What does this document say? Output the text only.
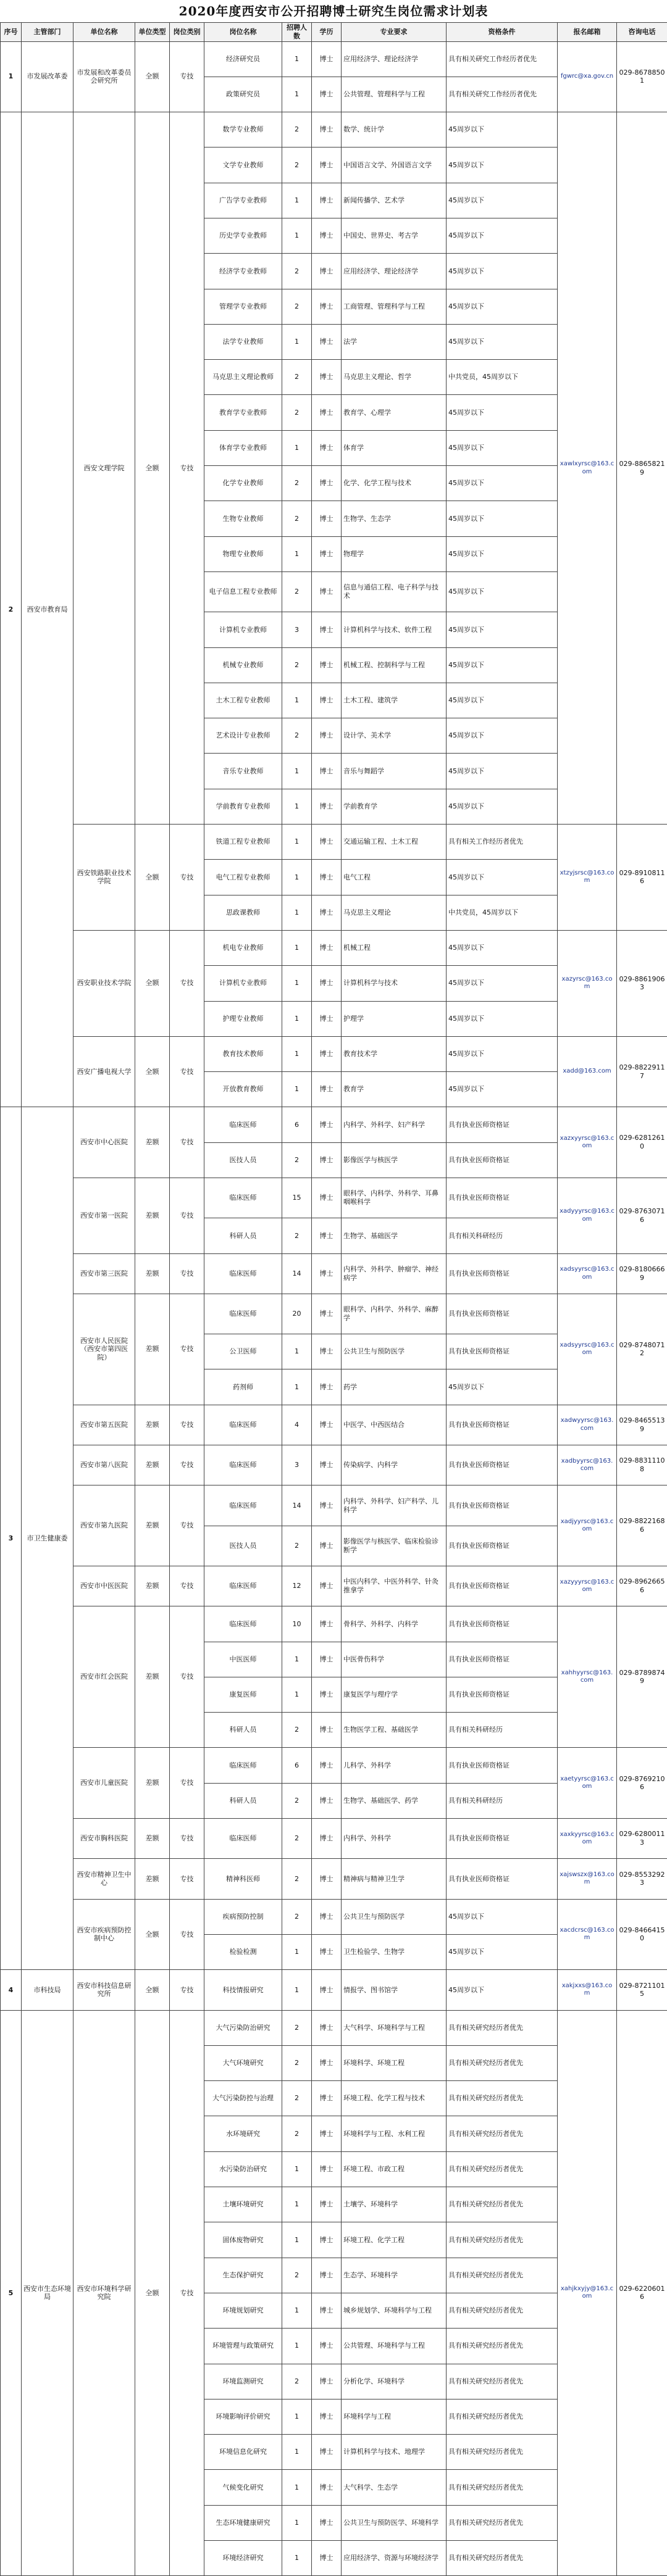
2020年度西安市公开招聘博士研究生岗位需求计划表
序号	主管部门	单位名称	单位类型	岗位类别	岗位名称	招聘人数	学历	专业要求	资格条件	报名邮箱	咨询电话
1	市发展改革委	市发展和改革委员会研究所	全额	专技	经济研究员	1	博士	应用经济学、理论经济学	具有相关研究工作经历者优先	fgwrc@xa.gov.cn	029-86788501
					政策研究员	1	博士	公共管理、管理科学与工程	具有相关研究工作经历者优先		
2	西安市教育局	西安文理学院	全额	专技	数学专业教师	2	博士	数学、统计学	45周岁以下	xawlxyrsc@163.com	029-88658219
					文学专业教师	2	博士	中国语言文学、外国语言文学	45周岁以下		
					广告学专业教师	1	博士	新闻传播学、艺术学	45周岁以下		
					历史学专业教师	1	博士	中国史、世界史、考古学	45周岁以下		
					经济学专业教师	2	博士	应用经济学、理论经济学	45周岁以下		
					管理学专业教师	2	博士	工商管理、管理科学与工程	45周岁以下		
					法学专业教师	1	博士	法学	45周岁以下		
					马克思主义理论教师	2	博士	马克思主义理论、哲学	中共党员，45周岁以下		
					教育学专业教师	2	博士	教育学、心理学	45周岁以下		
					体育学专业教师	1	博士	体育学	45周岁以下		
					化学专业教师	2	博士	化学、化学工程与技术	45周岁以下		
					生物专业教师	2	博士	生物学、生态学	45周岁以下		
					物理专业教师	1	博士	物理学	45周岁以下		
					电子信息工程专业教师	2	博士	信息与通信工程、电子科学与技术	45周岁以下		
					计算机专业教师	3	博士	计算机科学与技术、软件工程	45周岁以下		
					机械专业教师	2	博士	机械工程、控制科学与工程	45周岁以下		
					土木工程专业教师	1	博士	土木工程、建筑学	45周岁以下		
					艺术设计专业教师	2	博士	设计学、美术学	45周岁以下		
					音乐专业教师	1	博士	音乐与舞蹈学	45周岁以下		
					学前教育专业教师	1	博士	学前教育学	45周岁以下		
		西安铁路职业技术学院	全额	专技	铁道工程专业教师	1	博士	交通运输工程、土木工程	具有相关工作经历者优先	xtzyjsrsc@163.com	029-89108116
					电气工程专业教师	1	博士	电气工程	45周岁以下		
					思政课教师	1	博士	马克思主义理论	中共党员，45周岁以下		
		西安职业技术学院	全额	专技	机电专业教师	1	博士	机械工程	45周岁以下	xazyrsc@163.com	029-88619063
					计算机专业教师	1	博士	计算机科学与技术	45周岁以下		
					护理专业教师	1	博士	护理学	45周岁以下		
		西安广播电视大学	全额	专技	教育技术教师	1	博士	教育技术学	45周岁以下	xadd@163.com	029-88229117
					开放教育教师	1	博士	教育学	45周岁以下		
3	市卫生健康委	西安市中心医院	差额	专技	临床医师	6	博士	内科学、外科学、妇产科学	具有执业医师资格证	xazxyyrsc@163.com	029-62812610
					医技人员	2	博士	影像医学与核医学	具有执业医师资格证		
		西安市第一医院	差额	专技	临床医师	15	博士	眼科学、内科学、外科学、耳鼻咽喉科学	具有执业医师资格证	xadyyyrsc@163.com	029-87630716
					科研人员	2	博士	生物学、基础医学	具有相关科研经历		
		西安市第三医院	差额	专技	临床医师	14	博士	内科学、外科学、肿瘤学、神经病学	具有执业医师资格证	xadsyyrsc@163.com	029-81806669
		西安市人民医院（西安市第四医院）	差额	专技	临床医师	20	博士	眼科学、内科学、外科学、麻醉学	具有执业医师资格证	xadsyyrsc@163.com	029-87480712
					公卫医师	1	博士	公共卫生与预防医学	具有执业医师资格证		
					药剂师	1	博士	药学	45周岁以下		
		西安市第五医院	差额	专技	临床医师	4	博士	中医学、中西医结合	具有执业医师资格证	xadwyyrsc@163.com	029-84655139
		西安市第八医院	差额	专技	临床医师	3	博士	传染病学、内科学	具有执业医师资格证	xadbyyrsc@163.com	029-88311108
		西安市第九医院	差额	专技	临床医师	14	博士	内科学、外科学、妇产科学、儿科学	具有执业医师资格证	xadjyyrsc@163.com	029-88221686
					医技人员	2	博士	影像医学与核医学、临床检验诊断学	具有执业医师资格证		
		西安市中医医院	差额	专技	临床医师	12	博士	中医内科学、中医外科学、针灸推拿学	具有执业医师资格证	xazyyyrsc@163.com	029-89626656
		西安市红会医院	差额	专技	临床医师	10	博士	骨科学、外科学、内科学	具有执业医师资格证	xahhyyrsc@163.com	029-87898749
					中医医师	1	博士	中医骨伤科学	具有执业医师资格证		
					康复医师	1	博士	康复医学与理疗学	具有执业医师资格证		
					科研人员	2	博士	生物医学工程、基础医学	具有相关科研经历		
		西安市儿童医院	差额	专技	临床医师	6	博士	儿科学、外科学	具有执业医师资格证	xaetyyrsc@163.com	029-87692106
					科研人员	2	博士	生物学、基础医学、药学	具有相关科研经历		
		西安市胸科医院	差额	专技	临床医师	2	博士	内科学、外科学	具有执业医师资格证	xaxkyyrsc@163.com	029-62800113
		西安市精神卫生中心	差额	专技	精神科医师	2	博士	精神病与精神卫生学	具有执业医师资格证	xajswszx@163.com	029-85532923
		西安市疾病预防控制中心	全额	专技	疾病预防控制	2	博士	公共卫生与预防医学	45周岁以下	xacdcrsc@163.com	029-84664150
					检验检测	1	博士	卫生检验学、生物学	45周岁以下		
4	市科技局	西安市科技信息研究所	全额	专技	科技情报研究	1	博士	情报学、图书馆学	45周岁以下	xakjxxs@163.com	029-87211015
5	西安市生态环境局	西安市环境科学研究院	全额	专技	大气污染防治研究	2	博士	大气科学、环境科学与工程	具有相关研究经历者优先	xahjkxyjy@163.com	029-62206016
					大气环境研究	2	博士	环境科学、环境工程	具有相关研究经历者优先		
					大气污染防控与治理	2	博士	环境工程、化学工程与技术	具有相关研究经历者优先		
					水环境研究	2	博士	环境科学与工程、水利工程	具有相关研究经历者优先		
					水污染防治研究	1	博士	环境工程、市政工程	具有相关研究经历者优先		
					土壤环境研究	1	博士	土壤学、环境科学	具有相关研究经历者优先		
					固体废物研究	1	博士	环境工程、化学工程	具有相关研究经历者优先		
					生态保护研究	2	博士	生态学、环境科学	具有相关研究经历者优先		
					环境规划研究	1	博士	城乡规划学、环境科学与工程	具有相关研究经历者优先		
					环境管理与政策研究	1	博士	公共管理、环境科学与工程	具有相关研究经历者优先		
					环境监测研究	2	博士	分析化学、环境科学	具有相关研究经历者优先		
					环境影响评价研究	1	博士	环境科学与工程	具有相关研究经历者优先		
					环境信息化研究	1	博士	计算机科学与技术、地理学	具有相关研究经历者优先		
					气候变化研究	1	博士	大气科学、生态学	具有相关研究经历者优先		
					生态环境健康研究	1	博士	公共卫生与预防医学、环境科学	具有相关研究经历者优先		
					环境经济研究	1	博士	应用经济学、资源与环境经济学	具有相关研究经历者优先		
